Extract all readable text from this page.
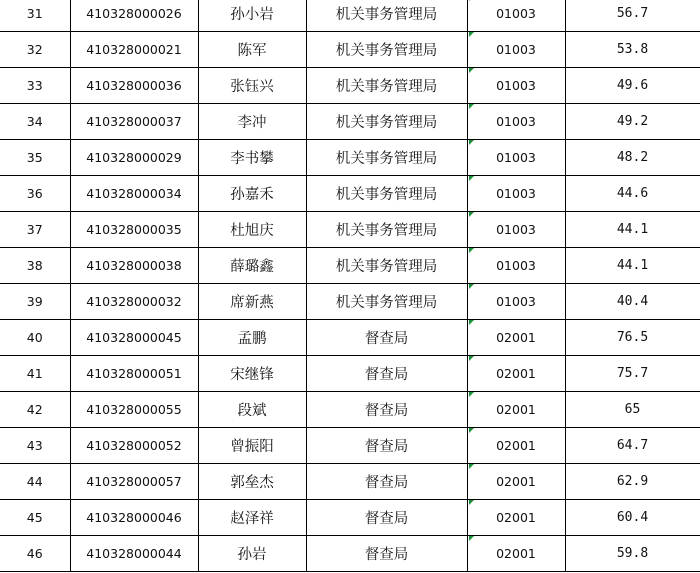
31	410328000026	孙小岩	机关事务管理局	01003	56.7
32	410328000021	陈军	机关事务管理局	01003	53.8
33	410328000036	张钰兴	机关事务管理局	01003	49.6
34	410328000037	李冲	机关事务管理局	01003	49.2
35	410328000029	李书攀	机关事务管理局	01003	48.2
36	410328000034	孙嘉禾	机关事务管理局	01003	44.6
37	410328000035	杜旭庆	机关事务管理局	01003	44.1
38	410328000038	薛璐鑫	机关事务管理局	01003	44.1
39	410328000032	席新燕	机关事务管理局	01003	40.4
40	410328000045	孟鹏	督查局	02001	76.5
41	410328000051	宋继锋	督查局	02001	75.7
42	410328000055	段斌	督查局	02001	65
43	410328000052	曾振阳	督查局	02001	64.7
44	410328000057	郭垒杰	督查局	02001	62.9
45	410328000046	赵泽祥	督查局	02001	60.4
46	410328000044	孙岩	督查局	02001	59.8
